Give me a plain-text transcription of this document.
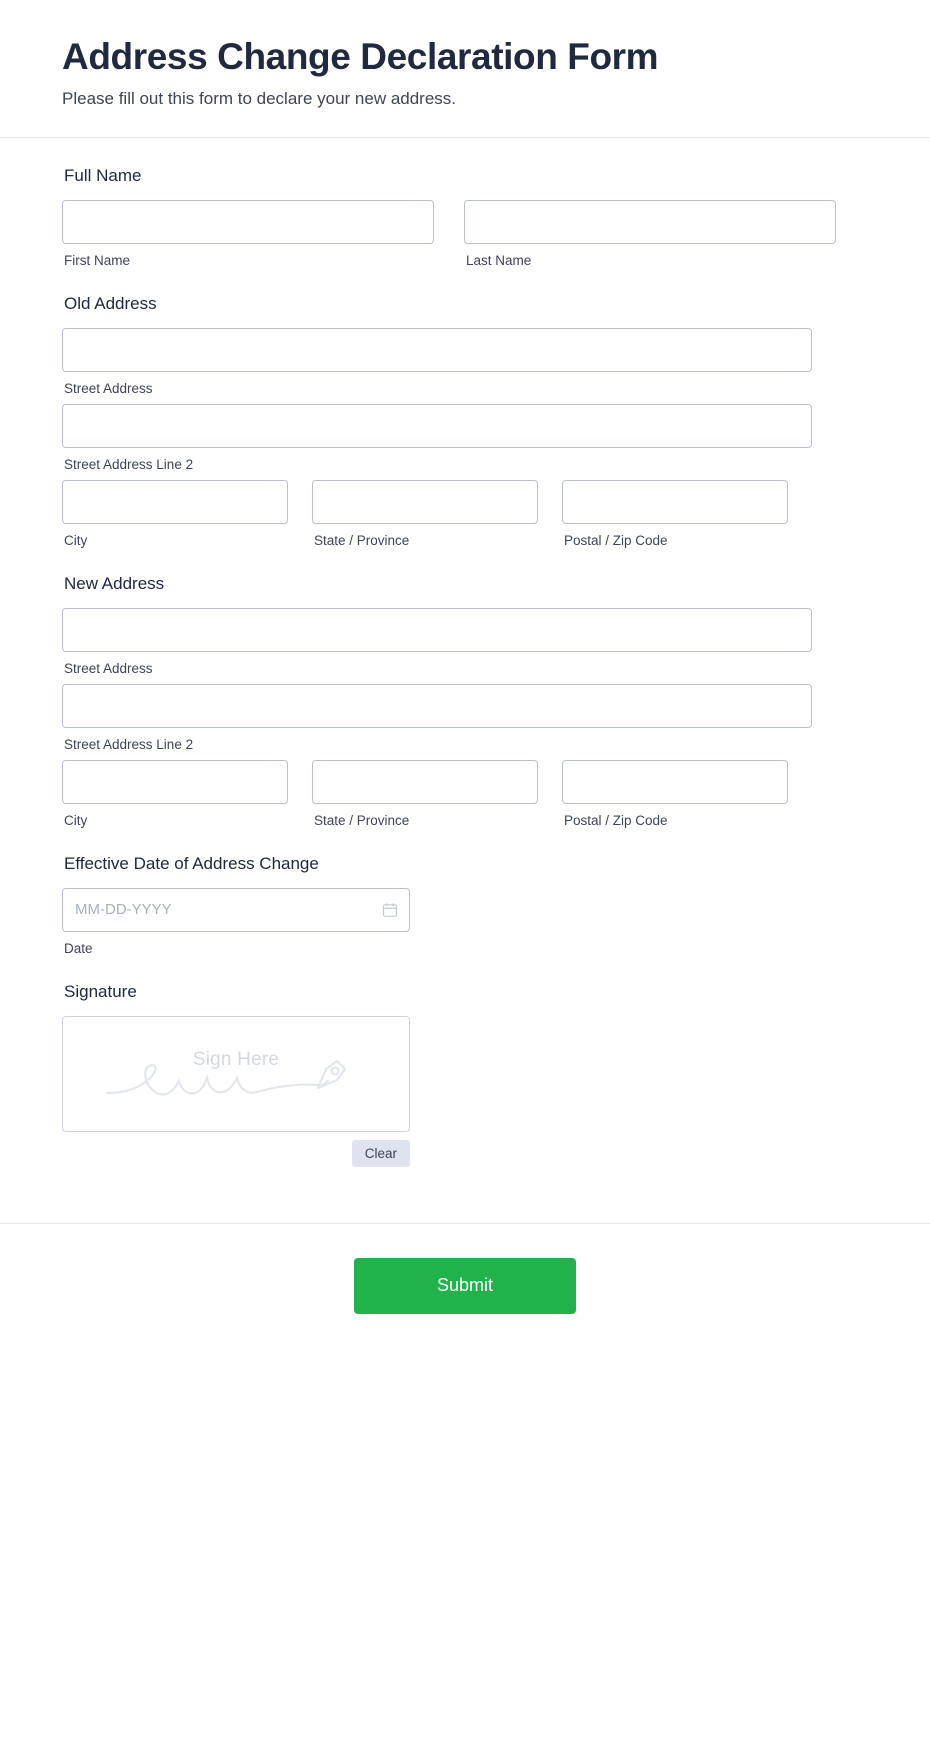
Address Change Declaration Form

Please fill out this form to declare your new address.

Full Name
First Name	Last Name
Old Address
Street Address
Street Address Line 2
City	State / Province	Postal / Zip Code
New Address
Street Address
Street Address Line 2
City	State / Province	Postal / Zip Code
Effective Date of Address Change
MM-DD-YYYY
Date
Signature
Sign Here
Clear
Submit
